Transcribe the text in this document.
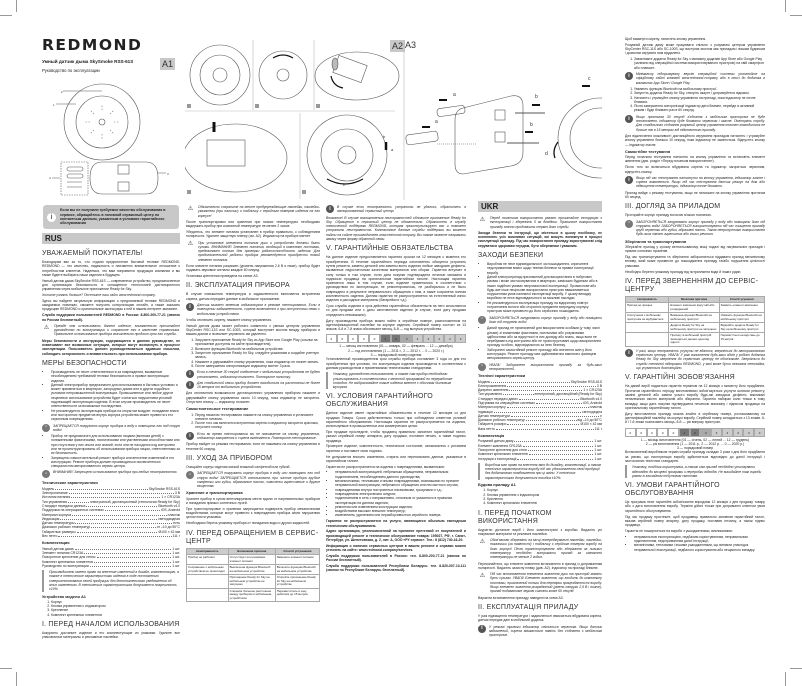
REDMOND
Умный датчик дыма SkySmoke RSS-61S
Руководство по эксплуатации
A1
A2 A3
2
1
4
3
b
a
c
a
a
b
b
c
d
i
Если вы не получили требуемое качество обслуживания в сервисе, обращайтесь в головной сервисный центр по контактным данным, указанным в условиях гарантийного обслуживания
RUS
UKR
УВАЖАЕМЫЙ ПОКУПАТЕЛЬ!

Благодарим вас за то, что отдали предпочтение бытовой технике REDMOND. REDMOND — это качество, надежность и неизменно внимательное отношение к потребностям клиентов. Надеемся, что вам понравится продукция компании и вы также будете выбирать наши изделия в будущем.

Умный датчик дыма SkySmoke RSS-61S — современное устройство, предназначенное для организации безопасности и оснащенное технологией дистанционного управления через мобильное приложение Ready for Sky.

Хотите узнать больше? Посетите наш сайт www.redmond.company.

Здесь вы найдете актуальную информацию о предлагаемой технике REDMOND и ожидаемых новинках, сможете получить консультацию онлайн, а также заказать продукцию REDMOND и оригинальные аксессуары к ней в нашем интернет-магазине.

Служба поддержки пользователей REDMOND в России: 8-800-200-77-21 (звонок по России бесплатный).

⚠	Прежде чем использовать данное изделие, внимательно прочитайте руководство по эксплуатации и сохраните его в качестве справочника. Правильное использование прибора значительно продлит срок его службы.

Меры безопасности и инструкции, содержащиеся в данном руководстве, не охватывают все возможные ситуации, которые могут возникнуть в процессе эксплуатации. Пользователь должен руководствоваться здравым смыслом, соблюдать осторожность и внимательность при использовании прибора.

МЕРЫ БЕЗОПАСНОСТИ
• Производитель не несет ответственности за повреждения, вызванные несоблюдением требований техники безопасности и правил эксплуатации изделия.
• Данный электроприбор предназначен для использования в бытовых условиях и может применяться в квартирах, загородных домах или в других подобных условиях непромышленной эксплуатации. Промышленное или любое другое нецелевое использование устройства будет считаться нарушением условий надлежащей эксплуатации изделия. В этом случае производитель не несет ответственности за возможные последствия.
• Не рекомендуется эксплуатация прибора на открытом воздухе: попадание влаги или посторонних предметов внутрь корпуса устройства может привести к его серьезным повреждениям.
✕	ЗАПРЕЩАЕТСЯ погружать корпус прибора в воду и помещать его под струю воды!
• Прибор не предназначен для использования лицами (включая детей) с пониженными физическими, психическими или умственными способностями или при отсутствии у них опыта или знаний, если они не находятся под контролем или не проинструктированы об использовании прибора лицом, ответственным за их безопасность.
• Запрещены самостоятельный ремонт прибора или внесение изменений в его конструкцию. Ремонт прибора должен производиться исключительно специалистом авторизованного сервис-центра.
✕	ВНИМАНИЕ! Запрещено использование прибора при любых неисправностях.
Технические характеристики
Модель	SkySmoke RSS-61S
Электропитание	3 В
Источник питания	1 × CR123A
Тип управления	электронный, дистанционный (технология Ready for Sky)
Стандарт передачи данных	Bluetooth v4.0
Поддержка на операционных системах	iOS, Android
Материал корпуса	пластик
Индикация	светодиодная
Датчик температуры	есть
Диапазон рабочих температур	от –10 до 50°C
Габаритные размеры	Ø100 × 42 мм
Вес нетто	111 г
Комплектация
Умный датчик дыма	1 шт.
Элемент питания CR123A	1 шт.
Поворотное крепление для стены	1 шт.
Комплект крепежных элементов	1 шт.
Руководство по эксплуатации	1 шт.
Производитель имеет право на внесение изменений в дизайн, комплектацию, а также в технические характеристики изделия в ходе постоянного совершенствования своей продукции без дополнительного уведомления об этих изменениях. В технических характеристиках допускается погрешность ±10%.
Устройство модели A1
1. Корпус
2. Кнопка управления с индикатором
3. Крепление
4. Комплект крепежных элементов
I. ПЕРЕД НАЧАЛОМ ИСПОЛЬЗОВАНИЯ

Аккуратно достаньте изделие и его комплектующие из упаковки. Удалите все упаковочные материалы и рекламные наклейки.

⚠	Обязательно сохраните на месте предупреждающие наклейки, наклейки-указатели (при наличии) и табличку с серийным номером изделия на его корпусе!

После транспортировки или хранения при низких температурах необходимо выдержать прибор при комнатной температуре не менее 2 часов.

Убедитесь, что элемент питания установлен в прибор правильно, с соблюдением полярности. Удалите защитную пленку (см. A2). Индикатор на приборе мигнет.

⚠	При установке элемента питания руки и устройство должны быть сухими. ВНИМАНИЕ! Элемент питания, входящий в комплект поставки, предназначен только для проверки работоспособности изделия. Для продолжительной работы прибора рекомендуется приобрести новый элемент питания.

Если элемент питания разряжен (уровень напряжения 2,6 В и ниже), прибор будет подавать звуковые сигналы каждые 60 секунд.

Установка крепления приведена на схеме A3.

II. ЭКСПЛУАТАЦИЯ ПРИБОРА

В случае повышения температуры и задымленности включается встроенная сирена, датчик передает данные в мобильное приложение.

i	Датчик мигает зеленым индикатором в режиме тестирования. Если в помещении задымленность, сирена включается и при отсутствии связи с мобильным устройством.

Чтобы отключить сирену, нажмите кнопку управления.

Умный датчик дыма может работать совместно с умным центром управления SkyCenter RSC-11S или SC-100S, который выступает мостом между прибором и вашим домом и позволяет управлять им удаленно.

1. Загрузите приложение Ready for Sky из App Store или Google Play (ссылки на приложение доступны на сайте производителя).
2. Включите функцию Bluetooth на мобильном устройстве.
3. Запустите приложение Ready for Sky, следуйте указаниям и создайте учетную запись.
4. Нажмите и удерживайте кнопку управления, пока индикатор не начнет мигать.
5. После завершения синхронизации индикатор мигнет 3 раза.
i	Если в течение 30 секунд соединение с мобильным устройством не будет установлено, индикатор погаснет. Повторите попытку.
i	Для стабильной связи прибор должен находиться на расстоянии не более 15 метров от мобильного устройства.

Для отключения возможности дистанционного управления прибором нажмите и удерживайте кнопку управления около 10 секунд, пока индикатор не загорится. Отпустите кнопку — индикатор погаснет.

Самостоятельное тестирование
1. Перед началом тестирования нажмите на кнопку управления и установите элемент питания.
2. После того как включится встроенная сирена и индикатор загорится красным, отпустите кнопку.
i	Если во время тестирования вы не нажимаете на кнопку управления, индикатор загорается и сирена включается. Повторите тестирование.

Прибор выйдет из режима тестирования, если не нажимать на кнопку управления в течение 60 секунд.

III. УХОД ЗА ПРИБОРОМ

Очищайте корпус изделия мягкой влажной салфеткой или губкой.

✕	ЗАПРЕЩАЕТСЯ погружать корпус прибора в воду или помещать его под струю воды! ЗАПРЕЩАЕТСЯ использовать при чистке прибора грубые салфетки или губки, абразивные пасты, химически агрессивные и другие вещества.
Хранение и транспортировка

Храните прибор в сухом вентилируемом месте вдали от нагревательных приборов и попадания прямых солнечных лучей.

При транспортировке и хранении запрещается подвергать прибор механическим воздействиям, которые могут привести к повреждению прибора и/или нарушению целостности упаковки.

Необходимо беречь упаковку прибора от попадания воды и других жидкостей.

IV. ПЕРЕД ОБРАЩЕНИЕМ В СЕРВИС-ЦЕНТР
Неисправность	Возможная причина	Способ устранения
Прибор не работает	Отсутствует или разряжен элемент питания	Замените элемент питания
Сопряжение с мобильным устройством не происходит	Выключена функция Bluetooth на мобильном устройстве	Включите функцию Bluetooth на мобильном устройстве
	Приложение Ready for Sky на мобильном устройстве не запущено	Откройте приложение Ready for Sky на мобильном устройстве
	Слишком большое расстояние между прибором и мобильным устройством	Переместитесь в зону действия до 15 метров
i	В случае если неисправность устранить не удалось, обратитесь в авторизованный сервисный центр.

Внимание! В случае возникновения неисправностей обновите приложение Ready for Sky. Обращение в сервисный центр не обязательно. Обратитесь в службу технической поддержки REDMOND, которая проконсультирует вас и поможет устранить неисправность. Контактные данные службы поддержки вы можете найти на сайте производителя www.redmond.company. Вы также можете направить заявку через форму обратной связи.

V. ГАРАНТИЙНЫЕ ОБЯЗАТЕЛЬСТВА

На данное изделие предоставляется гарантия сроком на 12 месяцев с момента его приобретения. В течение гарантийного периода изготовитель обязуется устранить путем ремонта, замены деталей или замены всего изделия любые заводские дефекты, вызванные недостаточным качеством материалов или сборки. Гарантия вступает в силу только в том случае, если дата покупки подтверждена печатью магазина и подписью продавца на оригинальном гарантийном талоне. Настоящая гарантия признается лишь в том случае, если изделие применялось в соответствии с руководством по эксплуатации, не ремонтировалось, не разбиралось и не было повреждено в результате неправильного обращения с ним, а также сохранена полная комплектность изделия. Данная гарантия не распространяется на естественный износ изделия и расходные материалы (батарейки и т.д.).

Срок службы изделия и срок действия гарантийных обязательств на него исчисляются со дня продажи или с даты изготовления изделия (в случае, если дату продажи определить невозможно).

Дату производства прибора можно найти в серийном номере, расположенном на идентификационной наклейке на корпусе изделия. Серийный номер состоит из 13 знаков. 6-й и 7-й знаки обозначают месяц, 8-й — год выпуска устройства.

0	0	0	0	0	1	2	3	3	3	3	3	3
1 — месяц изготовления (01 — январь, 02 — февраль ... 12 — декабрь)
2 — год изготовления (1 — 2011 г., 2 — 2012 г. ... 0 — 2020 г.)
3 — порядковый номер изделия

Установленный производителем срок службы прибора составляет 3 года со дня его приобретения при условии, что эксплуатация изделия производится в соответствии с данным руководством и применимыми техническими стандартами.

Упаковку, руководство пользователя, а также сам прибор необходимо утилизировать в соответствии с местной программой по переработке отходов. Не выбрасывайте такие изделия вместе с обычным бытовым мусором.
VI. УСЛОВИЯ ГАРАНТИЙНОГО ОБСЛУЖИВАНИЯ

Данное изделие имеет гарантийные обязательства в течение 12 месяцев со дня продажи Товара. Сроки действительны только при соблюдении клиентом условий гарантийного обслуживания. Настоящая гарантия не распространяется на изделия, используемые в промышленных или коммерческих целях.

При продаже проследите, чтобы продавец правильно заполнил гарантийный талон, указал серийный номер аппарата, дату продажи, поставил печать, а также подпись продавца.

Проверьте изделие, комплектность, техническое состояние, ознакомьтесь с условием гарантии и поставьте свою подпись.

Не допускается вносить изменения, стирать или переписывать данные, указанные в гарантийном талоне.

Гарантия не распространяется на изделия с повреждениями, вызванными:

• неправильной эксплуатацией, небрежным обращением, неправильным подключением, несоблюдением данного руководства;
• механическими, тепловыми и иными повреждениями, возникшими по причине неправильной эксплуатации, небрежного обращения или несчастного случая;
• повреждениями внутри построенных насекомыми, грызунами и т.д.;
• повреждением электрических шнуров;
• подключением в сеть с напряжением, отличным от указанного в правилах эксплуатации на данном изделии;
• ремонтом или изменением конструкции изделия;
• воздействием высоких внешних температур;
• изменением, удалением или неразборчивостью серийного номера.

Гарантия не распространяется на услуги, являющиеся обычным ежегодным техническим обслуживанием.

Адрес организации, уполномоченной на принятие претензий от покупателей и производящей ремонт и техническое обслуживание товара: 195027, РФ, г. Санкт-Петербург, ул. Шепетовская, д. 2, лит. А, ООО «РУ сервис». Тел.: 8 (812) 740-16-20.

Информация о наличии сервисных центров в вашем регионе и справки можно уточнить на сайте: www.redmond.company/services.

Служба поддержки пользователей в России: тел. 8-800-200-77-21 (звонок по России бесплатный).

Служба поддержки пользователей Республики Беларусь: тел. 8-820-007-10-111 (звонок по Республике Беларусь бесплатный).

⚠	Перед початком використання уважно прочитайте інструкцію з експлуатації і збережіть її як довідник. Правильне використання приладу значно продовжить термін його служби.

Заходи безпеки та інструкції, що містяться в цьому посібнику, не охоплюють усіх можливих ситуацій, які можуть виникнути в процесі експлуатації приладу. Під час використання приладу користувачеві слід керуватися здоровим глуздом, бути обережним і уважним.

ЗАХОДИ БЕЗПЕКИ
• Виробник не несе відповідальності за пошкодження, спричинені недотриманням вимог щодо техніки безпеки та правил експлуатації виробу.
• Даний електроприлад призначений для використання в побутових умовах і може застосовуватися в квартирах, заміських будинках або в інших подібних умовах непромислової експлуатації. Промислове або будь-яке інше нецільове використання пристрою вважатиметься порушенням умов належної експлуатації виробу. У цьому випадку виробник не несе відповідальності за можливі наслідки.
• Не рекомендується експлуатація приладу на відкритому повітрі: потрапляння вологи або сторонніх предметів всередину корпусу пристрою може призвести до його серйозних пошкоджень.
✕	ЗАБОРОНЯЄТЬСЯ занурювати корпус приладу у воду або поміщати його під струмінь води!
• Даний прилад не призначений для використання особами (у тому числі дітьми) зі зниженими фізичними, психічними або розумовими здібностями або за відсутності в них досвіду або знань, якщо вони не перебувають під контролем або не проінструктовані щодо використання приладу особою, відповідальною за їхню безпеку.
• Заборонені самостійний ремонт приладу або внесення змін у його конструкцію. Ремонт приладу має здійснюватися виключно фахівцем авторизованого сервіс-центру.
✕	УВАГА! Заборонене використання приладу за будь-яких несправностей.
Технічні характеристики
Модель	SkySmoke RSS-61S
Електроживлення	3 В
Джерело живлення	1 × CR123A
Тип управління	електронний, дистанційний (Ready for Sky)
Стандарт передачі даних	Bluetooth v4.0
Підтримка на операційних системах	iOS, Android
Матеріал корпусу	пластик
Індикація	світлодіодна
Датчик температури	є
Діапазон робочих температур	від –10 до 50°C
Габаритні розміри	Ø100 × 42 мм
Вага нетто	111 г
Комплектація
Розумний датчик диму	1 шт.
Елемент живлення CR123A	1 шт.
Поворотне кріплення для стіни	1 шт.
Комплект кріпильних елементів	1 шт.
Інструкція з експлуатації	1 шт.
Виробник має право на внесення змін до дизайну, комплектації, а також технічних характеристик виробу під час удосконалення своєї продукції без додаткового повідомлення про ці зміни. У технічних характеристиках допускається похибка ±10%.
Будова приладу A1
1. Корпус
2. Кнопка управління з індикатором
3. Кріплення
4. Комплект кріпильних елементів
I. ПЕРЕД ПОЧАТКОМ ВИКОРИСТАННЯ

Акуратно дістаньте виріб і його комплектуючі з коробки. Видаліть усі пакувальні матеріали та рекламні наклейки.

⚠	Обов'язково збережіть на місці попереджувальні наклейки, наклейки-покажчики (за наявності) і табличку з серійним номером виробу на його корпусі! Після транспортування або зберігання за низьких температур необхідно витримати прилад за кімнатної температури не менше 2 годин.

Переконайтеся, що елемент живлення встановлено в прилад із дотриманням полярності. Видаліть захисну плівку (див. A2). Індикатор на приладі блимне.

⚠	Під час встановлення елемента живлення руки та пристрій мають бути сухими. УВАГА! Елемент живлення, що входить до комплекту поставки, призначений тільки для перевірки працездатності виробу. Якщо елемент живлення розряджений (рівень напруги 2,6 В і нижче), прилад подаватиме звукові сигнали кожні 60 секунд.

Варіанти встановлення приладу наведені на схемі A3.

II. ЕКСПЛУАТАЦІЯ ПРИЛАДУ

У разі підвищення температури і задимленості вмикається вбудована сирена, датчик передає дані в мобільний додаток.

i	У режимі тривоги індикатор світиться червоним. Якщо датчик задимлений, сирена вмикається навіть без з'єднання з мобільним пристроєм.

Щоб вимкнути сирену, натисніть кнопку управління.

Розумний датчик диму може працювати спільно з розумним центром управління SkyCenter RSC-11S або SC-100S, що виступає мостом між приладом і вашим будинком і дозволяє керувати ним віддалено.

1. Завантажте додаток Ready for Sky з магазину додатків App Store або Google Play (залежно від операційної системи використовуваного пристрою) на свій смартфон або планшет.
i	Мінімальну підтримувану версію операційної системи уточнюйте на офіційному сайті компанії www.redmond.company або в описі до додатка в магазинах App Store і Google Play.
1. Увімкніть функцію Bluetooth на мобільному пристрої.
2. Запустіть додаток Ready for Sky, створіть акаунт і дотримуйтеся підказок.
3. Натисніть і утримуйте кнопку управління на приладі, поки індикатор не почне блимати.
4. Після завершення синхронізації індикатор двічі блимне, перейде в активний режим і буде блимати раз в 60 секунд.
i	Якщо протягом 30 секунд з'єднання з мобільним пристроєм не буде встановлено, індикатор буде блимати червоним і згасне. Повторіть спробу. Для стабільного з'єднання розумний центр управління повинен знаходитися не більше ніж в 15 метрах від підключеного приладу.

Для відключення можливості дистанційного керування приладом натисніть і утримуйте кнопку управління близько 10 секунд, поки індикатор не засвітиться. Відпустіть кнопку — індикатор згасне.

Самостійне тестування

Перед початком тестування натисніть на кнопку управління та встановіть елемент живлення (див. розділ «Перед початком використання»).

Після того як включиться вбудована сирена та індикатор загориться червоним, відпустіть кнопку.

i	Якщо під час тестування натиснути на кнопку управління, індикатор згасне і сирена вимкнеться. Якщо під час тестування датчик реагує на дим або підвищення температури, індикатор почне блимати.

Прилад вийде з режиму тестування, якщо не натискати на кнопку управління протягом 60 секунд.

III. ДОГЛЯД ЗА ПРИЛАДОМ

Протирайте корпус приладу вологою м'якою тканиною.

✕	ЗАБОРОНЯЄТЬСЯ занурювати корпус приладу у воду або поміщати його під струмінь води! ЗАБОРОНЯЄТЬСЯ використовувати під час очищення приладу грубі серветки або губки, абразивні пасти. Також неприпустимо використання будь-яких хімічно агресивних або інших речовин.
Зберігання та транспортування

Зберігайте прилад у сухому вентильованому місці подалі від нагрівальних приладів і прямих сонячних променів.

Під час транспортування та зберігання забороняється піддавати прилад механічному впливу, який може призвести до пошкодження приладу та/або порушення цілісності упаковки.

Необхідно берегти упаковку приладу від потрапляння води й інших рідин.

IV. ПЕРЕД ЗВЕРНЕННЯМ ДО СЕРВІС-ЦЕНТРУ
Несправність	Можлива причина	Спосіб усунення
Прилад не працює	Елемент живлення відсутній або розряджений	Замініть елемент живлення
Сполучення з мобільним пристроєм не відбувається	Вимкнена функція Bluetooth на мобільному пристрої	Увімкніть функцію Bluetooth на мобільному пристрої
	Додаток Ready for Sky на мобільному пристрої не запущено	Відкрийте додаток Ready for Sky на мобільному пристрої
	Прилад та мобільний пристрій знаходяться далеко один від одного	Перемістіться на відстань до 15 метрів
i	У разі, якщо несправність усунути не вдалося, зверніться до авторизованого сервісного центру. УВАГА! У разі виникнення будь-яких збоїв у роботі додатка Ready for Sky звернення до сервісного центру не обов'язкове. Зверніться до служби технічної підтримки REDMOND, у якої може бути незначна неполадка, що усувається дистанційно.
V. ГАРАНТІЙНІ ЗОБОВ'ЯЗАННЯ

На даний виріб надається гарантія терміном на 12 місяців з моменту його придбання. Протягом гарантійного періоду виготовлювач зобов'язується усунути шляхом ремонту, заміни деталей або заміни усього виробу будь-які заводські дефекти, викликані неналежною якістю матеріалів або збирання. Гарантія набирає сили тільки в тому випадку, якщо дата покупки підтверджена печаткою магазину і підписом продавця на оригінальному гарантійному талоні.

Дату виготовлення приладу можна знайти в серійному номері, розташованому на ідентифікаційній наклейці на корпусі виробу. Серійний номер складається з 13 знаків. 6-й і 7-й знаки позначають місяць, 8-й — рік випуску пристрою.

0	0	0	0	0	1	2	3	3	3	3	3	3
1 — місяць виготовлення (01 — січень, 02 — лютий ... 12 — грудень)
2 — рік виготовлення (1 — 2011 р., 2 — 2012 р. ... 0 — 2020 р.)
3 — порядковий номер

Встановлений виробником термін служби приладу складає 3 роки з дня його придбання за умови, що експлуатація виробу здійснюється відповідно до даної інструкції і застосовних технічних стандартів.

Упаковку, посібник користувача, а також сам прилад необхідно утилізувати відповідно до місцевої програми з переробки відходів. Не викидайте такі вироби разом зі звичайним побутовим сміттям.
VI. УМОВИ ГАРАНТІЙНОГО ОБСЛУГОВУВАННЯ

Ця програма несе гарантійні зобов'язання впродовж 12 місяців з дня продажу товару або з дати виготовлення виробу. Терміни дійсні тільки при дотриманні клієнтом умов гарантійного обслуговування.

Під час продажу простежте, щоб продавець правильно заповнив гарантійний талон, вказав серійний номер апарату, дату продажу, поставив печатку, а також підпис продавця.

Гарантія не поширюється на вироби з ушкодженнями, викликаними:

• неправильною експлуатацією, недбалим користуванням, неправильним підключенням, недотриманням даної інструкції;
• механічними, тепловими і іншими ушкодженнями, що виникли унаслідок неправильної експлуатації, недбалого користування або нещасного випадку.
